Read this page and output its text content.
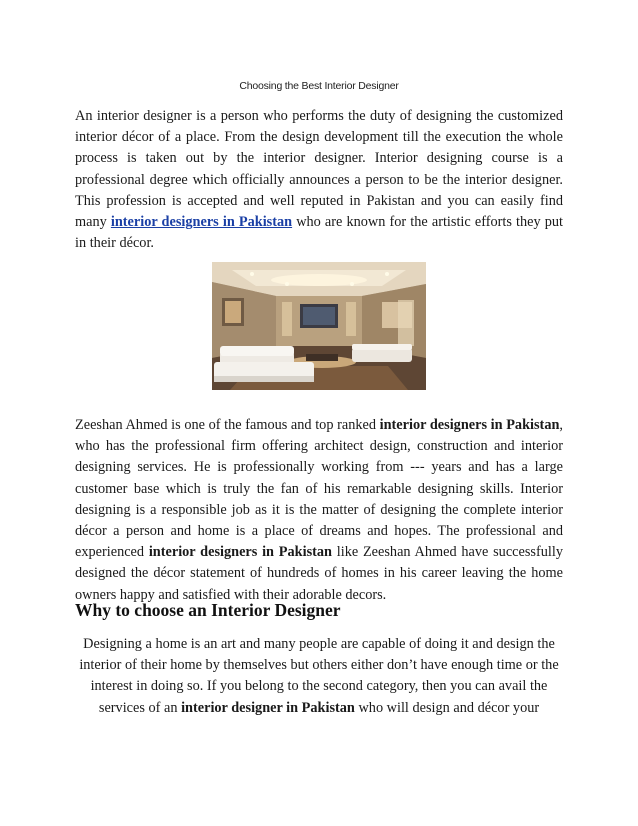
Choosing the Best Interior Designer
An interior designer is a person who performs the duty of designing the customized interior décor of a place. From the design development till the execution the whole process is taken out by the interior designer. Interior designing course is a professional degree which officially announces a person to be the interior designer. This profession is accepted and well reputed in Pakistan and you can easily find many interior designers in Pakistan who are known for the artistic efforts they put in their décor.
Zeeshan Ahmed is one of the famous and top ranked interior designers in Pakistan, who has the professional firm offering architect design, construction and interior designing services. He is professionally working from --- years and has a large customer base which is truly the fan of his remarkable designing skills. Interior designing is a responsible job as it is the matter of designing the complete interior décor a person and home is a place of dreams and hopes. The professional and experienced interior designers in Pakistan like Zeeshan Ahmed have successfully designed the décor statement of hundreds of homes in his career leaving the home owners happy and satisfied with their adorable decors.
Why to choose an Interior Designer
Designing a home is an art and many people are capable of doing it and design the interior of their home by themselves but others either don’t have enough time or the interest in doing so. If you belong to the second category, then you can avail the services of an interior designer in Pakistan who will design and décor your
